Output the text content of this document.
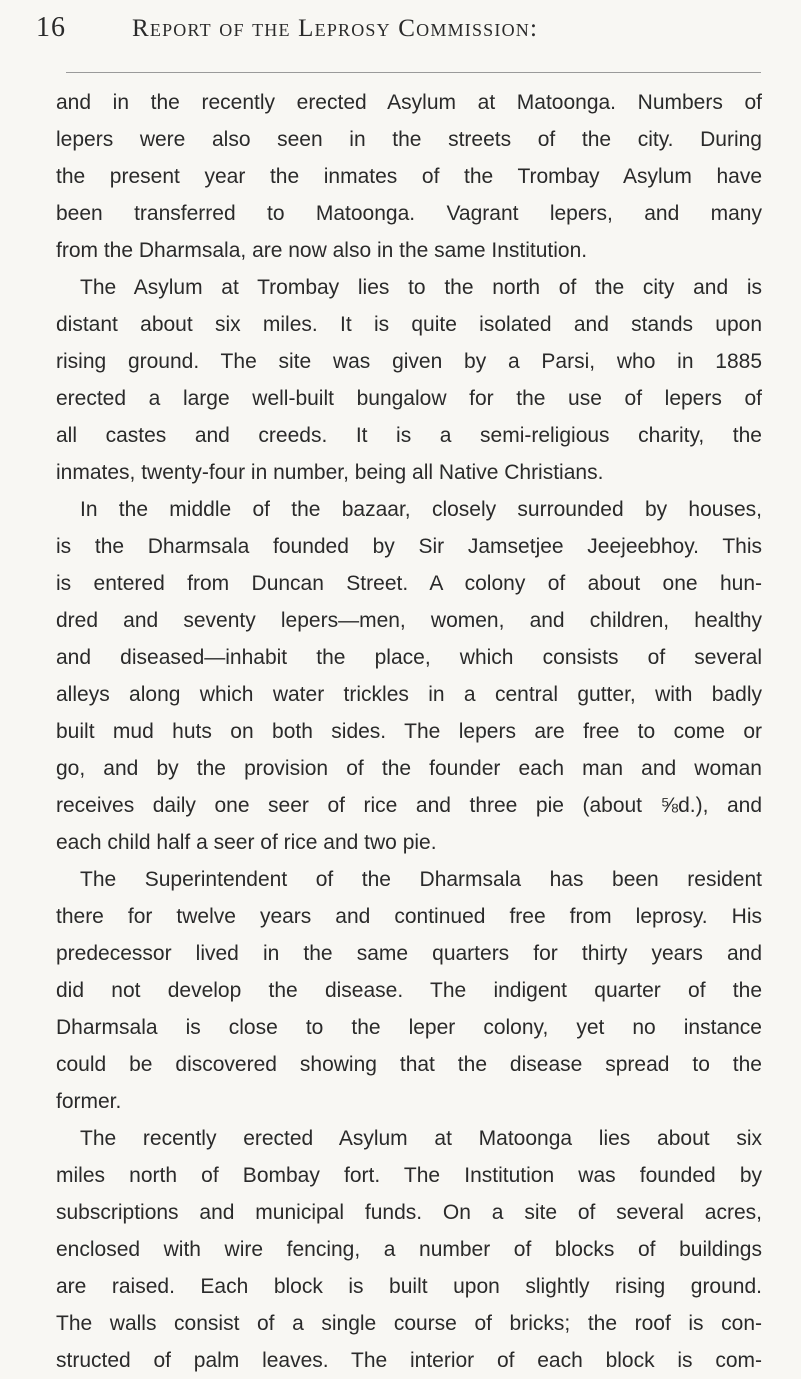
16	Report of the Leprosy Commission:
and in the recently erected Asylum at Matoonga. Numbers of
lepers were also seen in the streets of the city. During
the present year the inmates of the Trombay Asylum have
been transferred to Matoonga. Vagrant lepers, and many
from the Dharmsala, are now also in the same Institution.
The Asylum at Trombay lies to the north of the city and is
distant about six miles. It is quite isolated and stands upon
rising ground. The site was given by a Parsi, who in 1885
erected a large well-built bungalow for the use of lepers of
all castes and creeds. It is a semi-religious charity, the
inmates, twenty-four in number, being all Native Christians.
In the middle of the bazaar, closely surrounded by houses,
is the Dharmsala founded by Sir Jamsetjee Jeejeebhoy. This
is entered from Duncan Street. A colony of about one hun-
dred and seventy lepers—men, women, and children, healthy
and diseased—inhabit the place, which consists of several
alleys along which water trickles in a central gutter, with badly
built mud huts on both sides. The lepers are free to come or
go, and by the provision of the founder each man and woman
receives daily one seer of rice and three pie (about ⅝d.), and
each child half a seer of rice and two pie.
The Superintendent of the Dharmsala has been resident
there for twelve years and continued free from leprosy. His
predecessor lived in the same quarters for thirty years and
did not develop the disease. The indigent quarter of the
Dharmsala is close to the leper colony, yet no instance
could be discovered showing that the disease spread to the
former.
The recently erected Asylum at Matoonga lies about six
miles north of Bombay fort. The Institution was founded by
subscriptions and municipal funds. On a site of several acres,
enclosed with wire fencing, a number of blocks of buildings
are raised. Each block is built upon slightly rising ground.
The walls consist of a single course of bricks; the roof is con-
structed of palm leaves. The interior of each block is com-
